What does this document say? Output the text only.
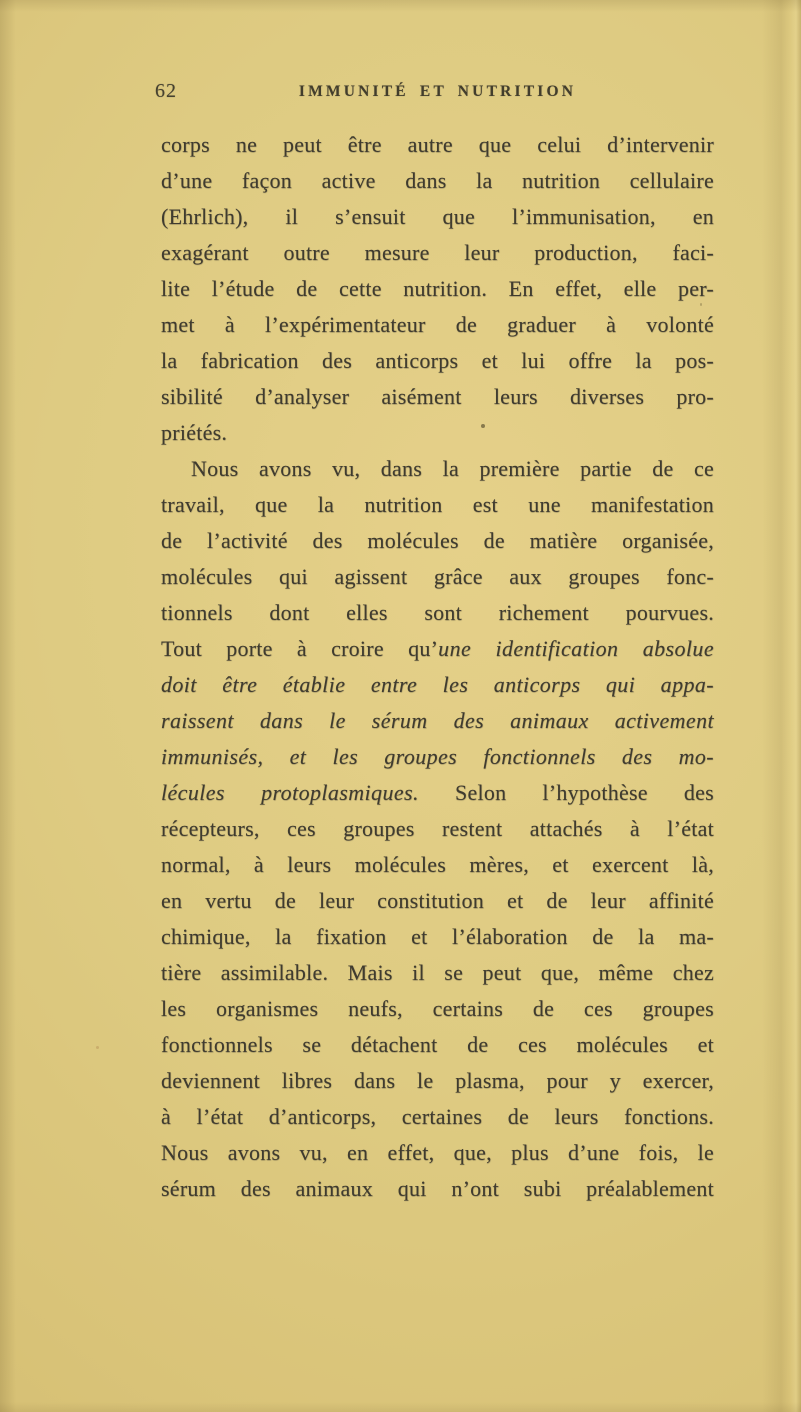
62	IMMUNITÉ ET NUTRITION
corps ne peut être autre que celui d’intervenir
d’une façon active dans la nutrition cellulaire
(Ehrlich), il s’ensuit que l’immunisation, en
exagérant outre mesure leur production, faci-
lite l’étude de cette nutrition. En effet, elle per-
met à l’expérimentateur de graduer à volonté
la fabrication des anticorps et lui offre la pos-
sibilité d’analyser aisément leurs diverses pro-
priétés.
Nous avons vu, dans la première partie de ce
travail, que la nutrition est une manifestation
de l’activité des molécules de matière organisée,
molécules qui agissent grâce aux groupes fonc-
tionnels dont elles sont richement pourvues.
Tout porte à croire qu’une identification absolue
doit être établie entre les anticorps qui appa-
raissent dans le sérum des animaux activement
immunisés, et les groupes fonctionnels des mo-
lécules protoplasmiques. Selon l’hypothèse des
récepteurs, ces groupes restent attachés à l’état
normal, à leurs molécules mères, et exercent là,
en vertu de leur constitution et de leur affinité
chimique, la fixation et l’élaboration de la ma-
tière assimilable. Mais il se peut que, même chez
les organismes neufs, certains de ces groupes
fonctionnels se détachent de ces molécules et
deviennent libres dans le plasma, pour y exercer,
à l’état d’anticorps, certaines de leurs fonctions.
Nous avons vu, en effet, que, plus d’une fois, le
sérum des animaux qui n’ont subi préalablement
